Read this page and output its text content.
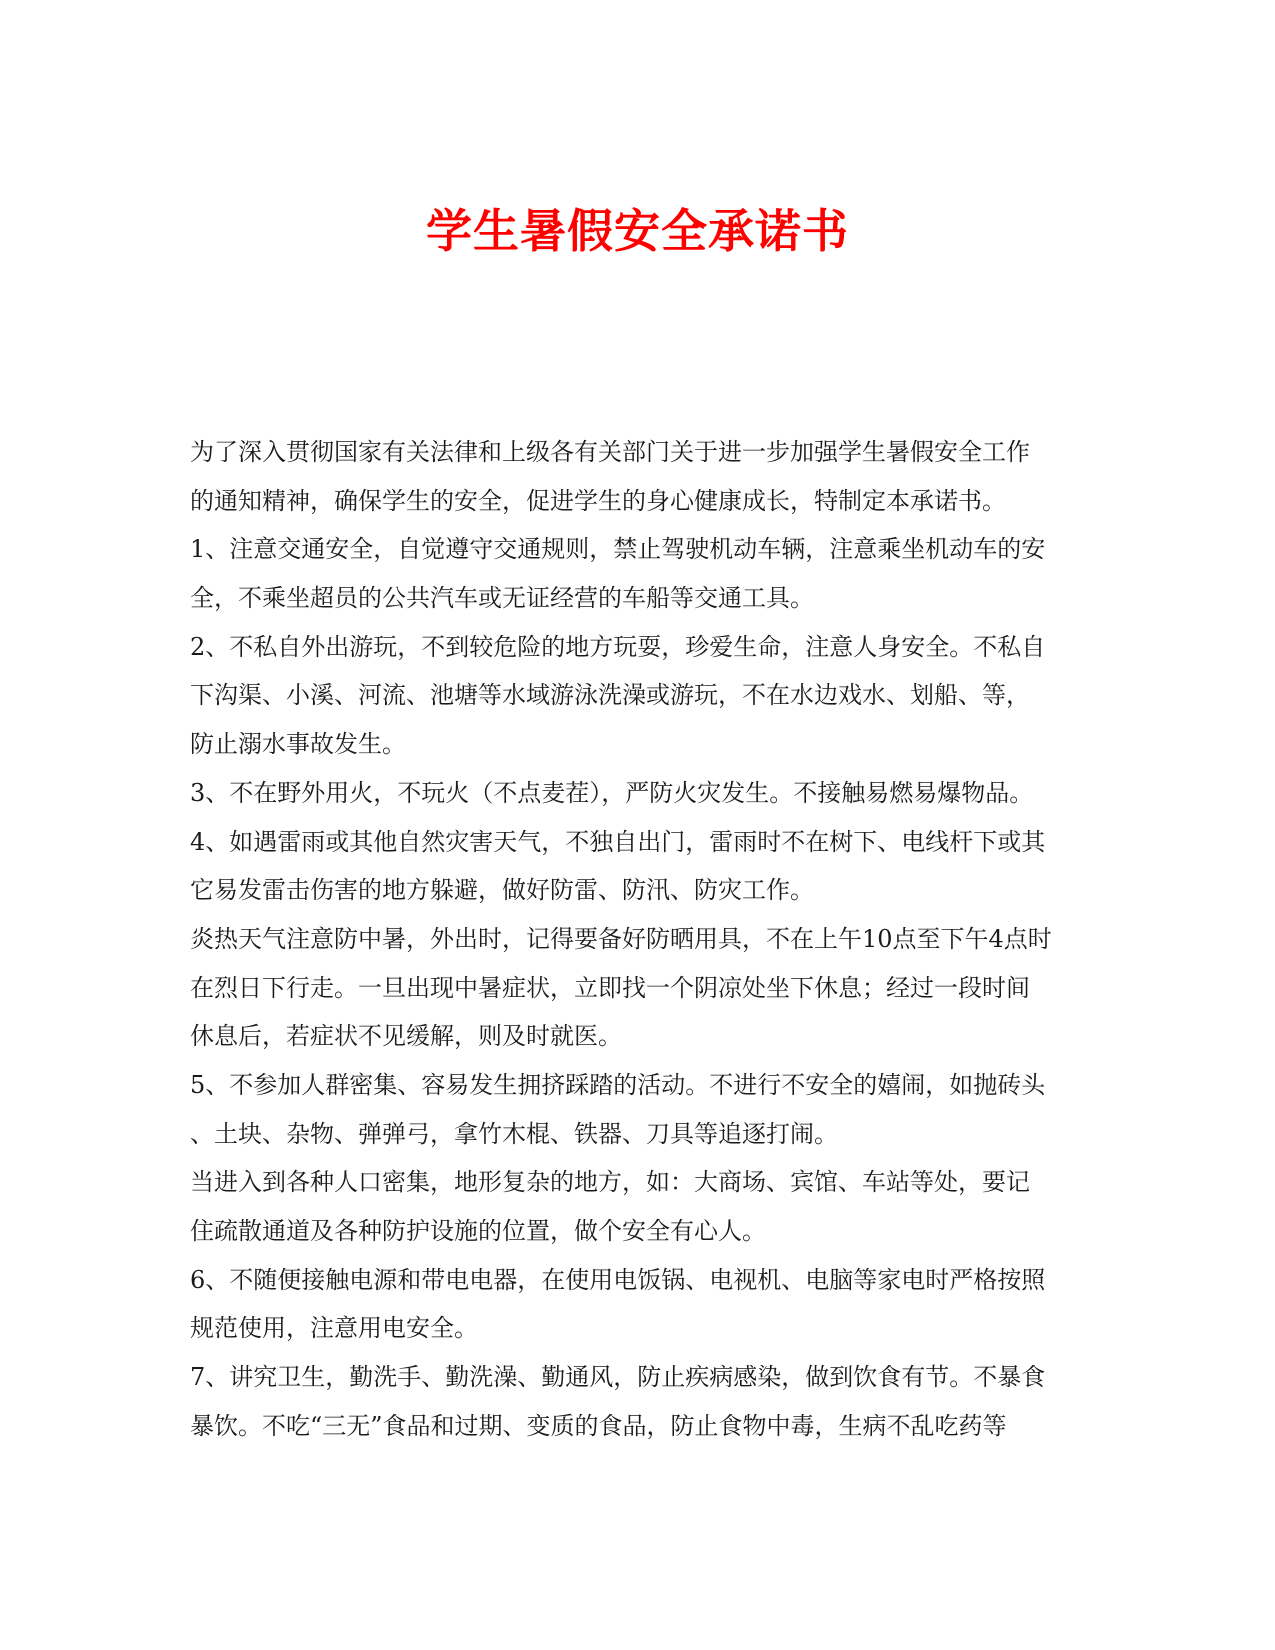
学生暑假安全承诺书

为了深入贯彻国家有关法律和上级各有关部门关于进一步加强学生暑假安全工作
的通知精神，确保学生的安全，促进学生的身心健康成长，特制定本承诺书。

1、注意交通安全，自觉遵守交通规则，禁止驾驶机动车辆，注意乘坐机动车的安
全，不乘坐超员的公共汽车或无证经营的车船等交通工具。

2、不私自外出游玩，不到较危险的地方玩耍，珍爱生命，注意人身安全。不私自
下沟渠、小溪、河流、池塘等水域游泳洗澡或游玩，不在水边戏水、划船、等，
防止溺水事故发生。

3、不在野外用火，不玩火（不点麦茬），严防火灾发生。不接触易燃易爆物品。

4、如遇雷雨或其他自然灾害天气，不独自出门，雷雨时不在树下、电线杆下或其
它易发雷击伤害的地方躲避，做好防雷、防汛、防灾工作。

炎热天气注意防中暑，外出时，记得要备好防晒用具，不在上午10点至下午4点时
在烈日下行走。一旦出现中暑症状，立即找一个阴凉处坐下休息；经过一段时间
休息后，若症状不见缓解，则及时就医。

5、不参加人群密集、容易发生拥挤踩踏的活动。不进行不安全的嬉闹，如抛砖头
、土块、杂物、弹弹弓，拿竹木棍、铁器、刀具等追逐打闹。

当进入到各种人口密集，地形复杂的地方，如：大商场、宾馆、车站等处，要记
住疏散通道及各种防护设施的位置，做个安全有心人。

6、不随便接触电源和带电电器，在使用电饭锅、电视机、电脑等家电时严格按照
规范使用，注意用电安全。

7、讲究卫生，勤洗手、勤洗澡、勤通风，防止疾病感染，做到饮食有节。不暴食
暴饮。不吃“三无”食品和过期、变质的食品，防止食物中毒，生病不乱吃药等
